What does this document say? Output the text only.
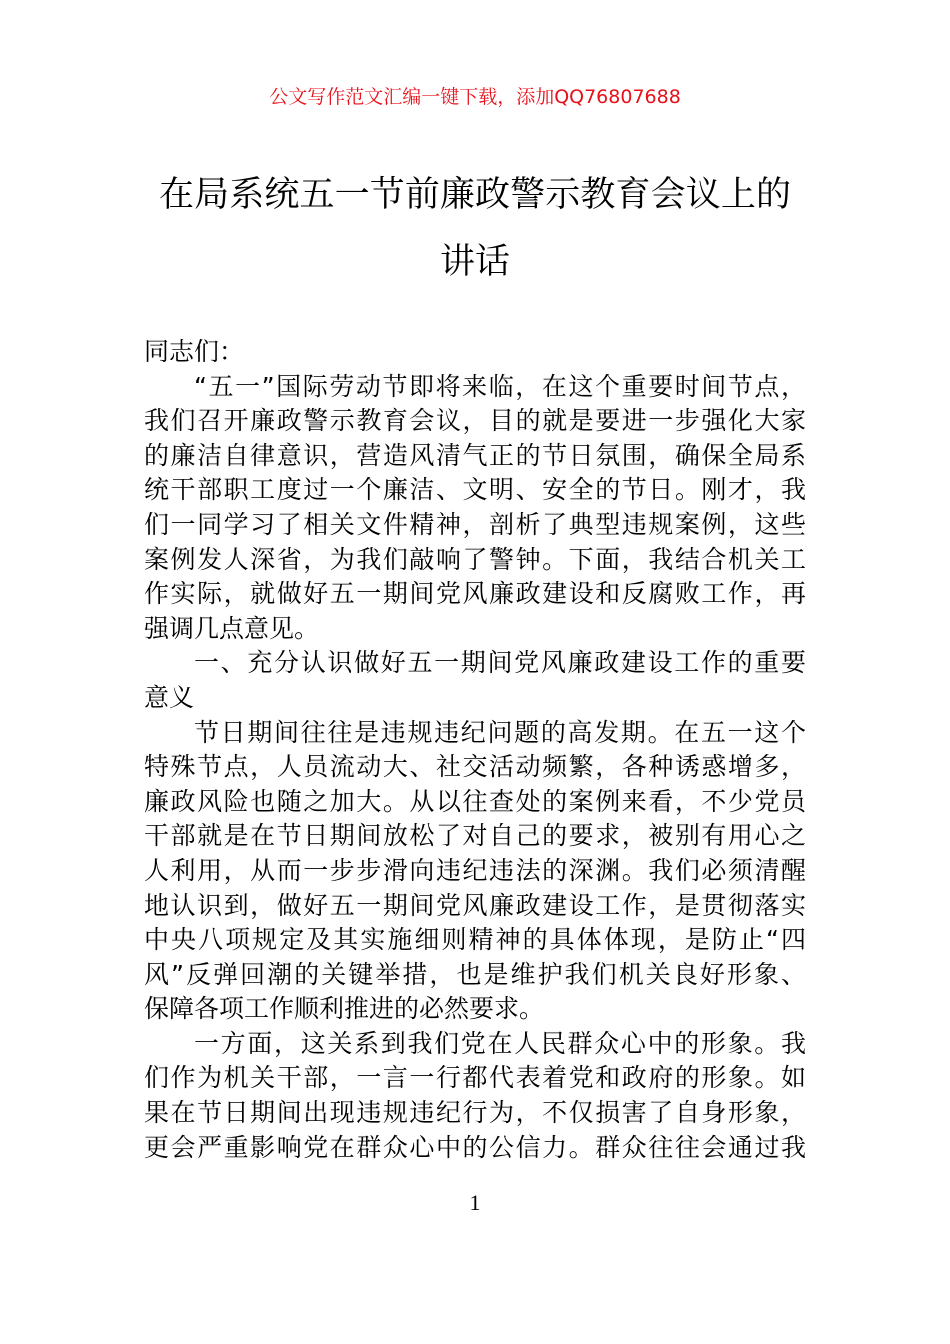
公文写作范文汇编一键下载，添加QQ76807688
在局系统五一节前廉政警示教育会议上的
讲话
同志们：
“五一”国际劳动节即将来临，在这个重要时间节点，
我们召开廉政警示教育会议，目的就是要进一步强化大家
的廉洁自律意识，营造风清气正的节日氛围，确保全局系
统干部职工度过一个廉洁、文明、安全的节日。刚才，我
们一同学习了相关文件精神，剖析了典型违规案例，这些
案例发人深省，为我们敲响了警钟。下面，我结合机关工
作实际，就做好五一期间党风廉政建设和反腐败工作，再
强调几点意见。
一、充分认识做好五一期间党风廉政建设工作的重要
意义
节日期间往往是违规违纪问题的高发期。在五一这个
特殊节点，人员流动大、社交活动频繁，各种诱惑增多，
廉政风险也随之加大。从以往查处的案例来看，不少党员
干部就是在节日期间放松了对自己的要求，被别有用心之
人利用，从而一步步滑向违纪违法的深渊。我们必须清醒
地认识到，做好五一期间党风廉政建设工作，是贯彻落实
中央八项规定及其实施细则精神的具体体现，是防止“四
风”反弹回潮的关键举措，也是维护我们机关良好形象、
保障各项工作顺利推进的必然要求。
一方面，这关系到我们党在人民群众心中的形象。我
们作为机关干部，一言一行都代表着党和政府的形象。如
果在节日期间出现违规违纪行为，不仅损害了自身形象，
更会严重影响党在群众心中的公信力。群众往往会通过我
1
